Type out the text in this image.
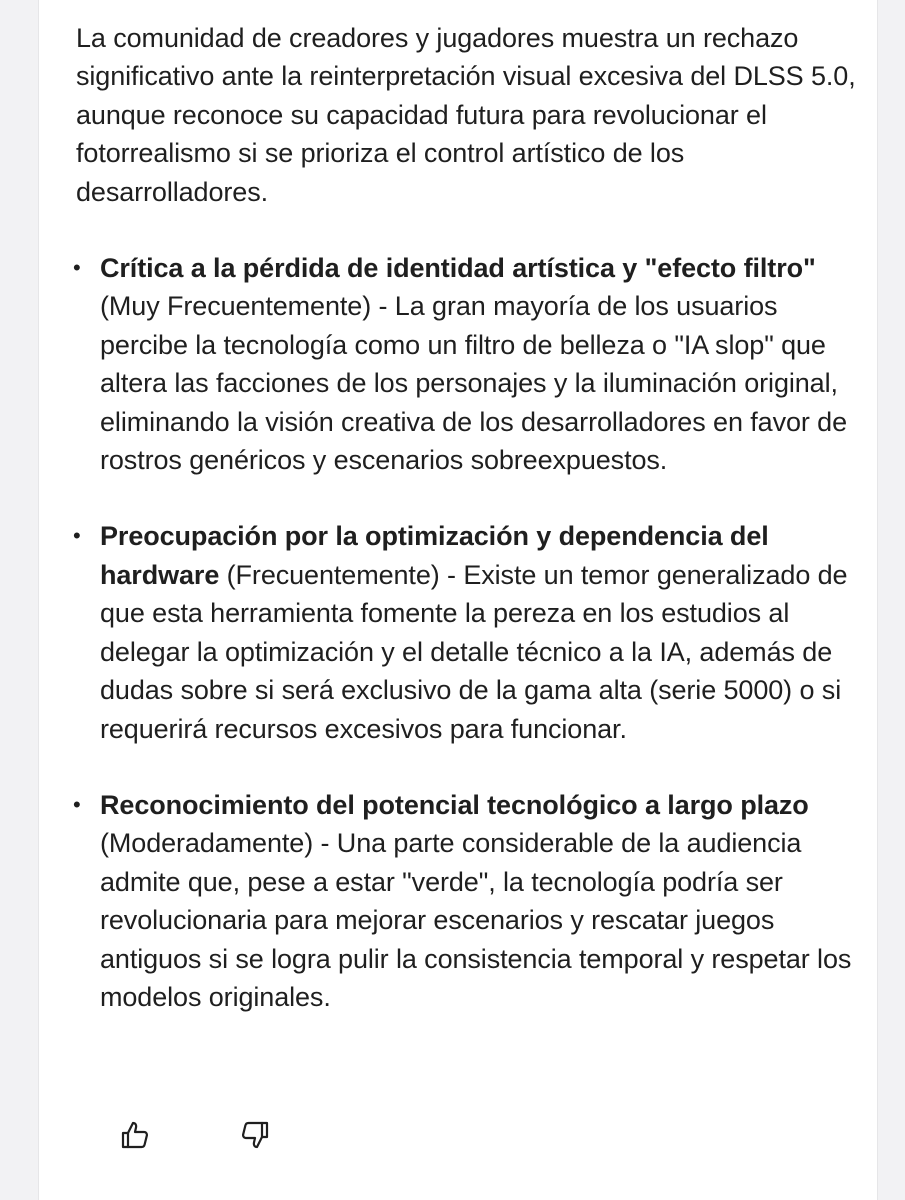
La comunidad de creadores y jugadores muestra un rechazo significativo ante la reinterpretación visual excesiva del DLSS 5.0, aunque reconoce su capacidad futura para revolucionar el fotorrealismo si se prioriza el control artístico de los desarrolladores.

• Crítica a la pérdida de identidad artística y "efecto filtro" (Muy Frecuentemente) - La gran mayoría de los usuarios percibe la tecnología como un filtro de belleza o "IA slop" que altera las facciones de los personajes y la iluminación original, eliminando la visión creativa de los desarrolladores en favor de rostros genéricos y escenarios sobreexpuestos.
• Preocupación por la optimización y dependencia del hardware (Frecuentemente) - Existe un temor generalizado de que esta herramienta fomente la pereza en los estudios al delegar la optimización y el detalle técnico a la IA, además de dudas sobre si será exclusivo de la gama alta (serie 5000) o si requerirá recursos excesivos para funcionar.
• Reconocimiento del potencial tecnológico a largo plazo (Moderadamente) - Una parte considerable de la audiencia admite que, pese a estar "verde", la tecnología podría ser revolucionaria para mejorar escenarios y rescatar juegos antiguos si se logra pulir la consistencia temporal y respetar los modelos originales.
